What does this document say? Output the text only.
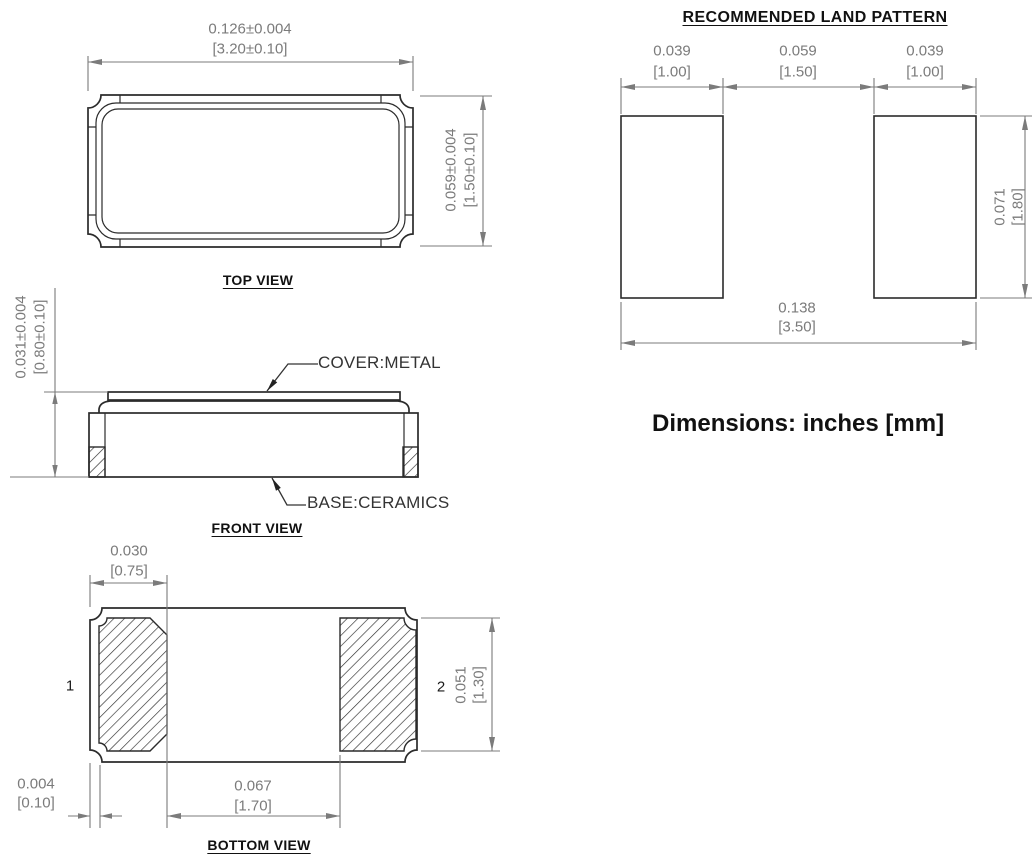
0.126±0.004
[3.20±0.10]
0.059±0.004 [1.50±0.10]
TOP VIEW
0.031±0.004 [0.80±0.10]	COVER:METAL
BASE:CERAMICS
FRONT VIEW
0.030
[0.75]
0.004
[0.10]
0.067
[1.70]
0.051 [1.30]
1	2
BOTTOM VIEW
RECOMMENDED LAND PATTERN
0.039
[1.00]
0.059
[1.50]
0.039
[1.00]
0.071 [1.80]
0.138
[3.50]
Dimensions: inches [mm]
